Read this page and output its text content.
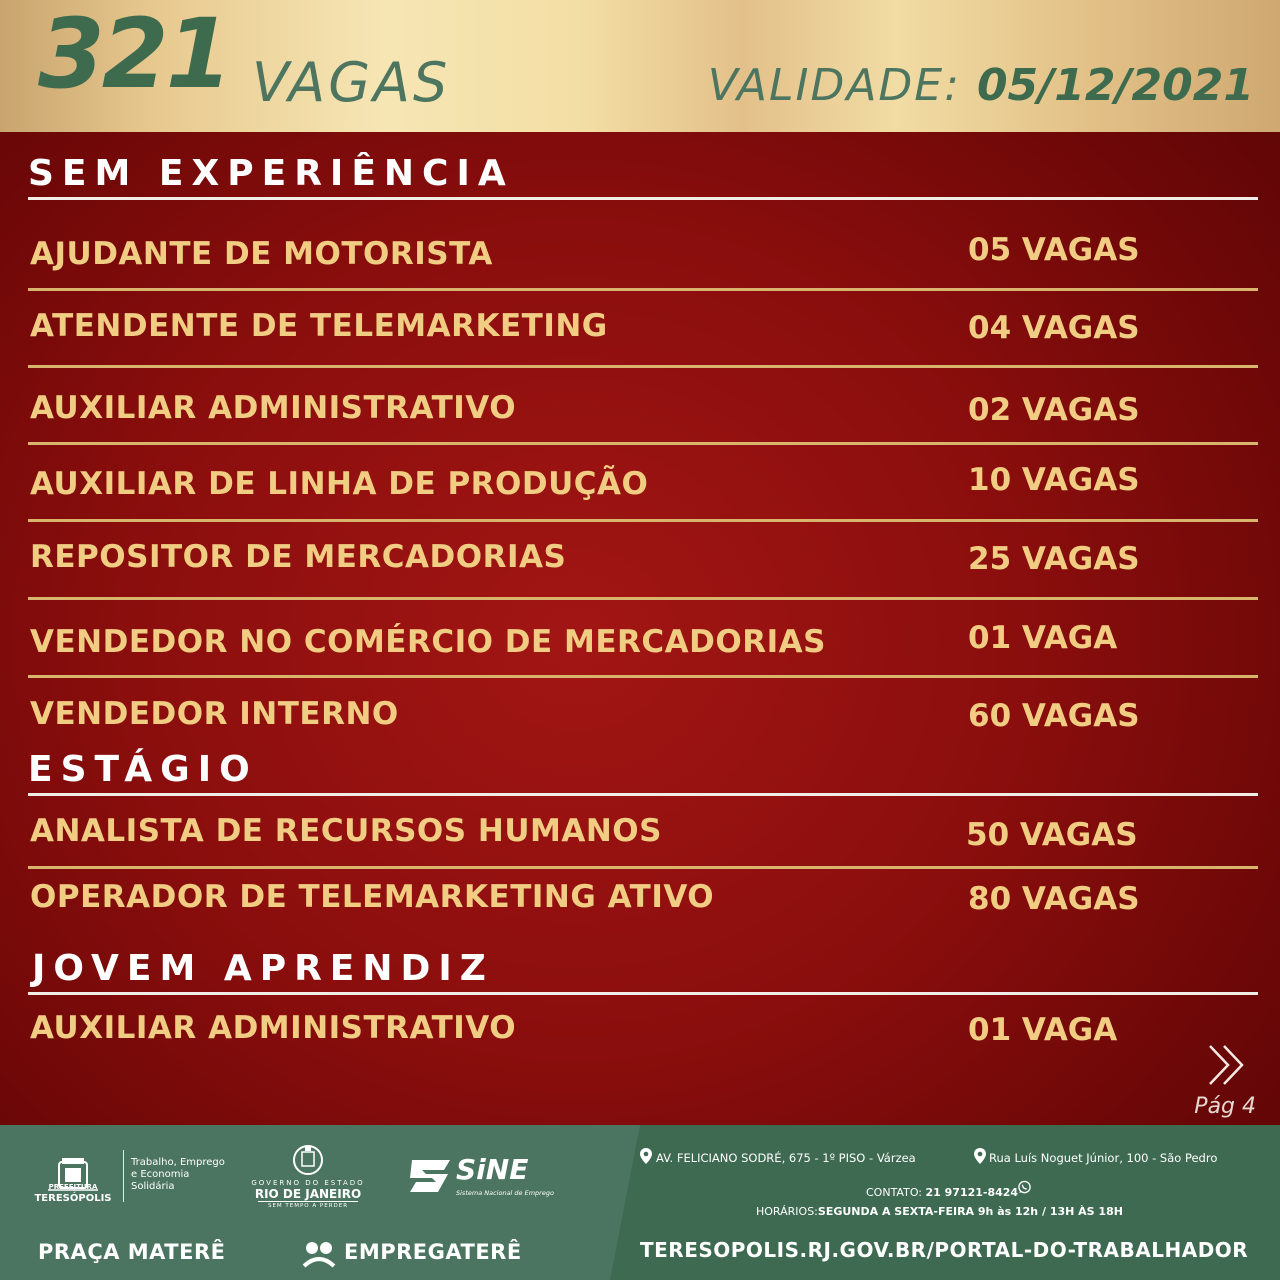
321 VAGAS	VALIDADE: 05/12/2021
SEM EXPERIÊNCIA
AJUDANTE DE MOTORISTA	05 VAGAS
ATENDENTE DE TELEMARKETING	04 VAGAS
AUXILIAR ADMINISTRATIVO	02 VAGAS
AUXILIAR DE LINHA DE PRODUÇÃO	10 VAGAS
REPOSITOR DE MERCADORIAS	25 VAGAS
VENDEDOR NO COMÉRCIO DE MERCADORIAS	01 VAGA
VENDEDOR INTERNO	60 VAGAS
ESTÁGIO
ANALISTA DE RECURSOS HUMANOS	50 VAGAS
OPERADOR DE TELEMARKETING ATIVO	80 VAGAS
JOVEM APRENDIZ
AUXILIAR ADMINISTRATIVO	01 VAGA
Pág 4
PREFEITURA
TERESÓPOLIS
Trabalho, Emprego
e Economia
Solidária	GOVERNO DO ESTADO
RIO DE JANEIRO
SEM TEMPO A PERDER
SiNE
Sistema Nacional de Emprego
PRAÇA MATERÊ	EMPREGATERÊ
AV. FELICIANO SODRÉ, 675 - 1º PISO - Várzea	Rua Luís Noguet Júnior, 100 - São Pedro
CONTATO: 21 97121-8424
HORÁRIOS:SEGUNDA A SEXTA-FEIRA 9h às 12h / 13H ÀS 18H
TERESOPOLIS.RJ.GOV.BR/PORTAL-DO-TRABALHADOR
